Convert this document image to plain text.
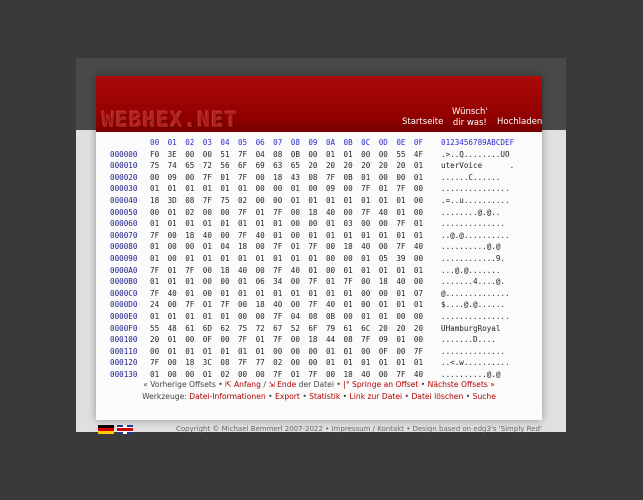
WEBHEX.NET	Startseite
Wünsch'
dir was! Hochladen
00 01 02 03 04 05 06 07 08 09 0A 0B 0C 0D 0E 0F 0123456789ABCDEF
000000 F0 3E 00 00 51 7F 04 08 0B 00 01 01 00 00 55 4F .>..Q........UO
000010 75 74 65 72 56 6F 69 63 65 20 20 20 20 20 20 01 uterVoice      .
000020 00 09 00 7F 01 7F 00 18 43 08 7F 0B 01 00 00 01 ......C......
000030 01 01 01 01 01 01 00 00 01 00 09 00 7F 01 7F 00 ...............
000040 18 3D 08 7F 75 02 00 00 01 01 01 01 01 01 01 00 .=..u..........
000050 00 01 02 00 00 7F 01 7F 00 18 40 00 7F 40 01 00 ........@.@..
000060 01 01 01 01 01 01 01 01 00 00 01 03 00 00 7F 01 ..............
000070 7F 00 18 40 00 7F 40 01 00 01 01 01 01 01 01 01 ..@.@..........
000080 01 00 00 01 04 18 00 7F 01 7F 00 18 40 00 7F 40 ..........@.@
000090 01 00 01 01 01 01 01 01 01 01 00 00 01 05 39 00 ............9.
0000A0 7F 01 7F 00 18 40 00 7F 40 01 00 01 01 01 01 01 ...@.@.......
0000B0 01 01 01 00 00 01 06 34 00 7F 01 7F 00 18 40 00 .......4....@.
0000C0 7F 40 01 00 01 01 01 01 01 01 01 01 00 00 01 07 @..............
0000D0 24 00 7F 01 7F 00 18 40 00 7F 40 01 00 01 01 01 $....@.@......
0000E0 01 01 01 01 01 00 00 7F 04 08 0B 00 01 01 00 00 ...............
0000F0 55 48 61 6D 62 75 72 67 52 6F 79 61 6C 20 20 20 UHamburgRoyal
000100 20 01 00 0F 00 7F 01 7F 00 18 44 08 7F 09 01 00 .......D....
000110 00 01 01 01 01 01 01 00 00 00 01 01 00 0F 00 7F ..............
000120 7F 00 18 3C 08 7F 77 02 00 00 01 01 01 01 01 01 ..<.w..........
000130 01 00 00 01 02 00 00 7F 01 7F 00 18 40 00 7F 40 ..........@.@
« Vorherige Offsets • ⇱ Anfang / ⇲ Ende der Datei • |° Springe an Offset • Nächste Offsets »
Werkzeuge: Datei-Informationen • Export • Statistik • Link zur Datei • Datei löschen • Suche
Copyright © Michael Bemmerl 2007-2022 • Impressum / Kontakt • Design based on edg3's 'Simply Red'
